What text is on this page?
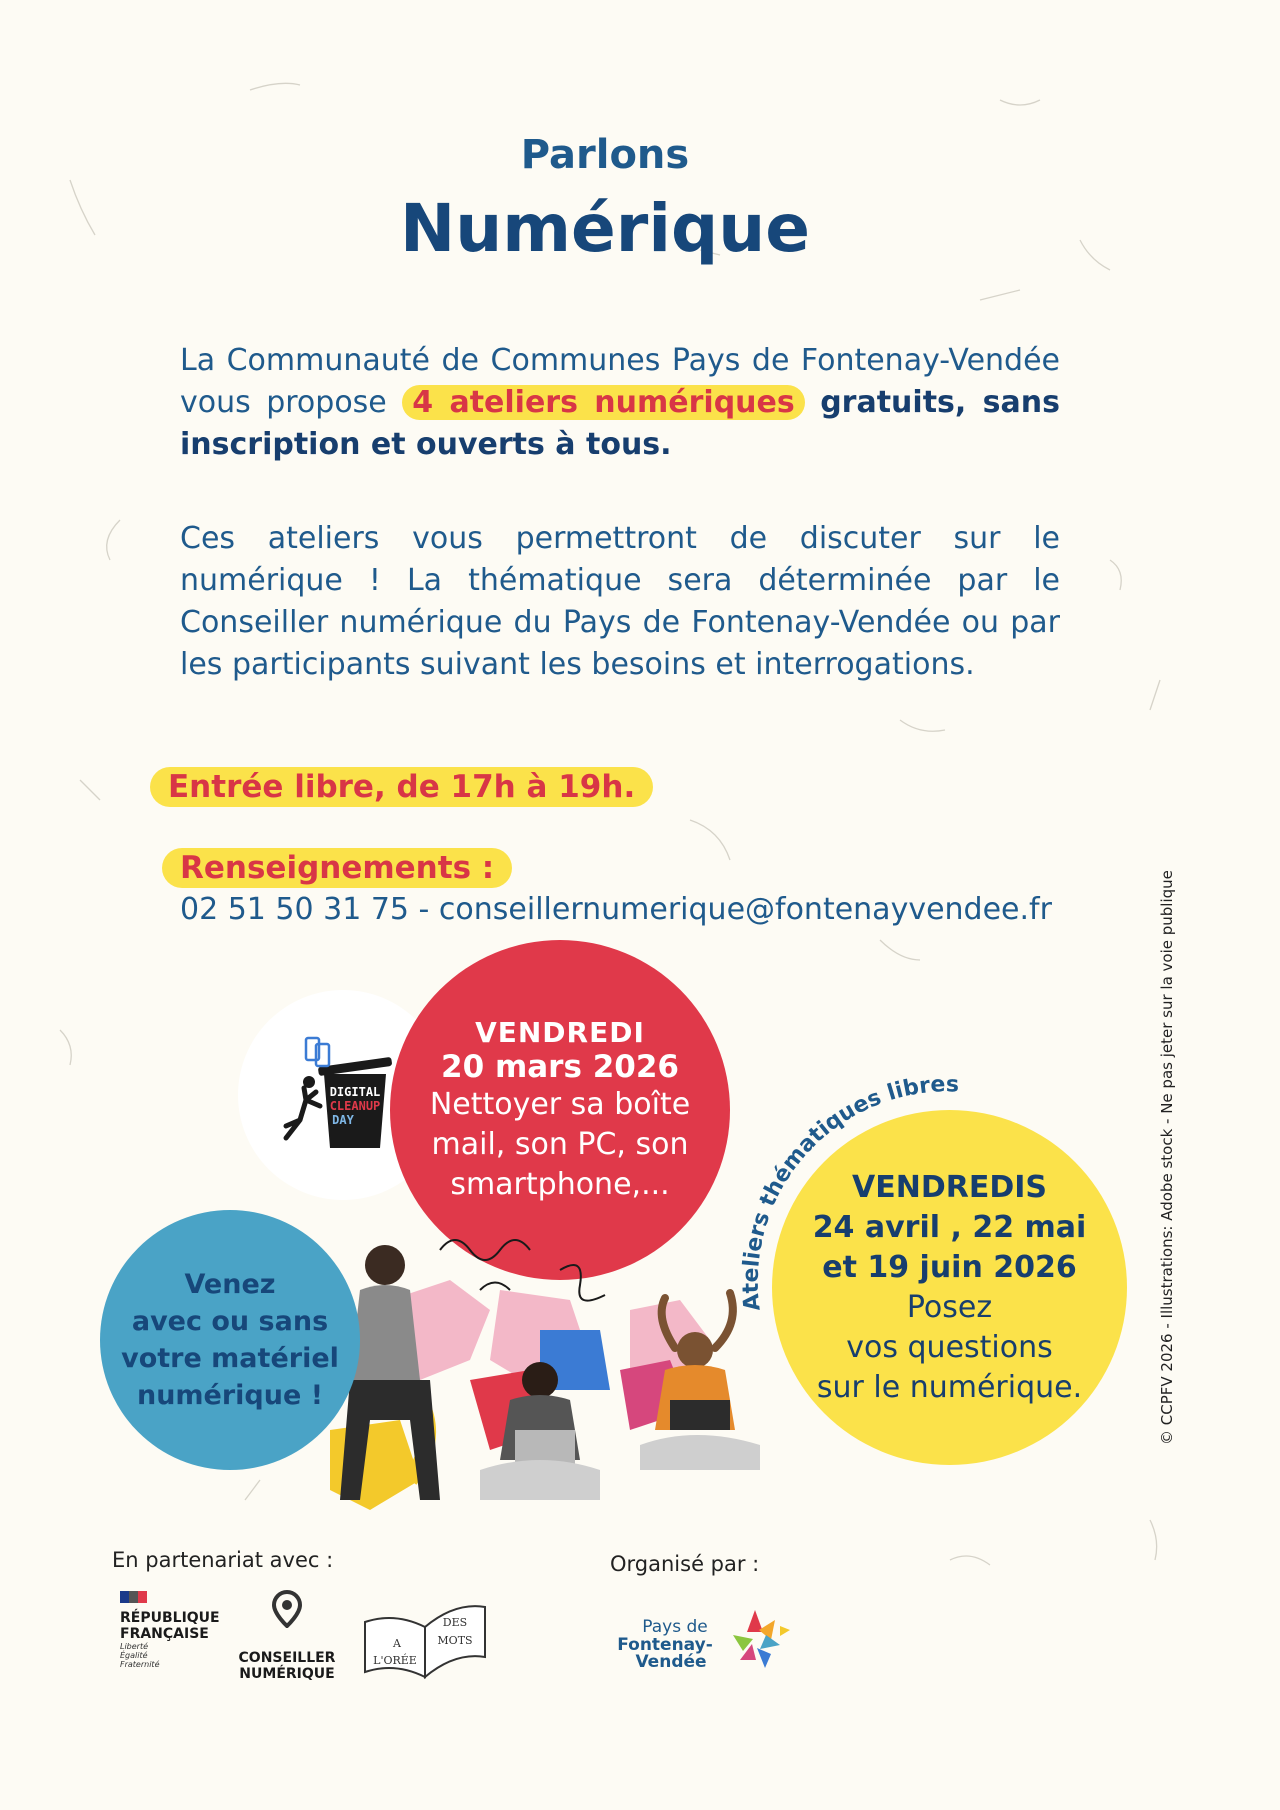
Parlons
Numérique
La Communauté de Communes Pays de Fontenay-Vendée vous propose 4 ateliers numériques gratuits, sans inscription et ouverts à tous.
Ces ateliers vous permettront de discuter sur le numérique ! La thématique sera déterminée par le Conseiller numérique du Pays de Fontenay-Vendée ou par les participants suivant les besoins et interrogations.
Entrée libre, de 17h à 19h.
Renseignements :
02 51 50 31 75 - conseillernumerique@fontenayvendee.fr
DIGITAL
CLEANUP
DAY
VENDREDI
20 mars 2026
Nettoyer sa boîte
mail, son PC, son
smartphone,...
Venez
avec ou sans
votre matériel
numérique !
VENDREDIS
24 avril , 22 mai
et 19 juin 2026
Posez
vos questions
sur le numérique.
Ateliers thématiques libres	© CCPFV 2026 - Illustrations: Adobe stock - Ne pas jeter sur la voie publique
En partenariat avec :	Organisé par :
RÉPUBLIQUE
FRANÇAISE
Liberté
Égalité
Fraternité	CONSEILLER
NUMÉRIQUE
A
L'ORÉE
DES
MOTS
Pays de
Fontenay-
Vendée
